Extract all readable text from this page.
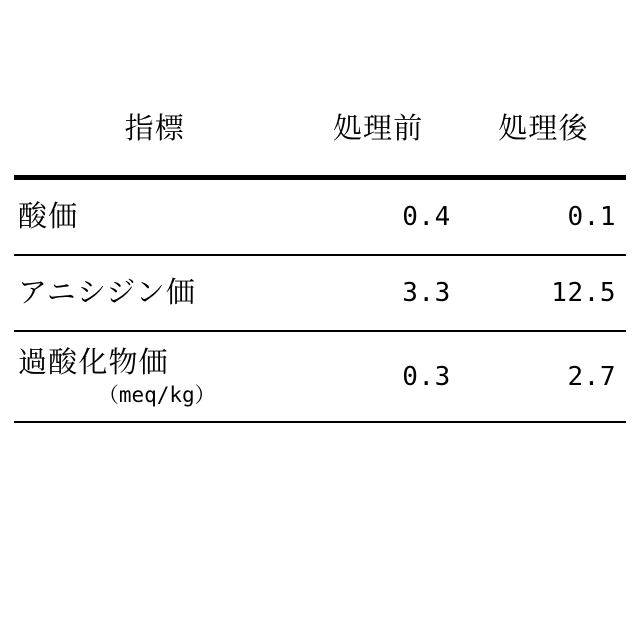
指標	処理前	処理後
酸価	0.4	0.1
アニシジン価	3.3	12.5
過酸化物価
（meq/kg）	0.3	2.7
